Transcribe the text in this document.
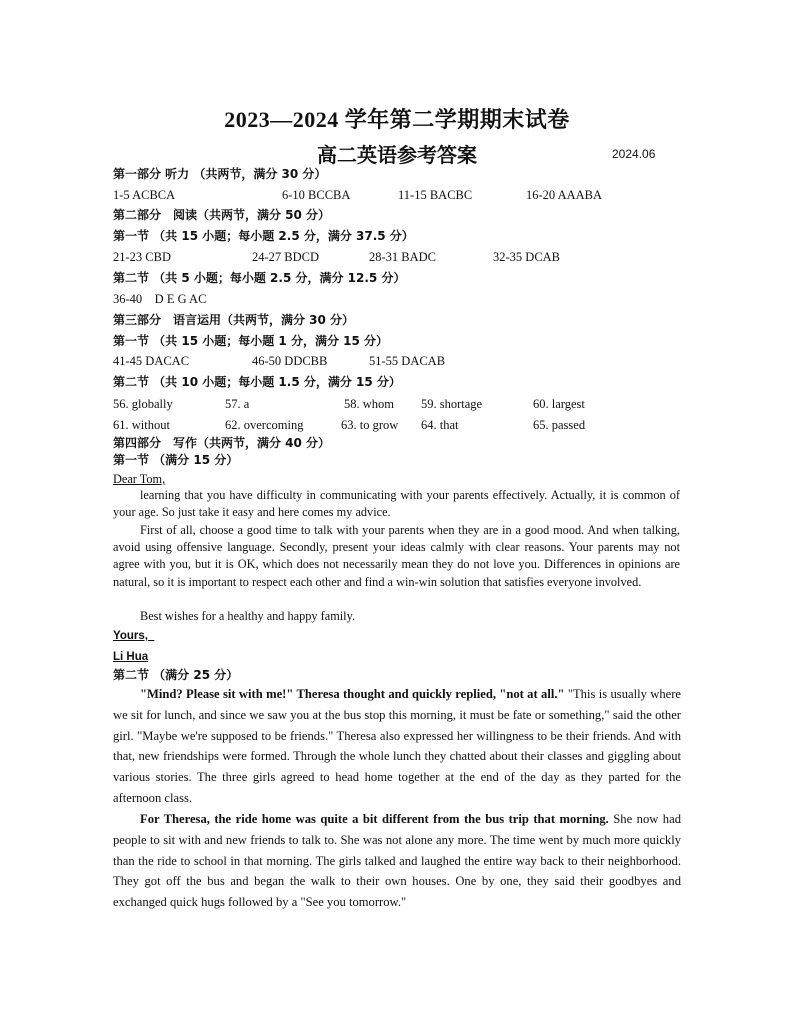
2023—2024 学年第二学期期末试卷
高二英语参考答案	2024.06
第一部分 听力 （共两节，满分 30 分）
1-5 ACBCA	6-10 BCCBA	11-15 BACBC	16-20 AAABA
第二部分　阅读（共两节，满分 50 分）
第一节 （共 15 小题；每小题 2.5 分，满分 37.5 分）
21-23 CBD	24-27 BDCD	28-31 BADC	32-35 DCAB
第二节 （共 5 小题；每小题 2.5 分，满分 12.5 分）
36-40　D E G AC
第三部分　语言运用（共两节，满分 30 分）
第一节 （共 15 小题；每小题 1 分，满分 15 分）
41-45 DACAC	46-50 DDCBB	51-55 DACAB
第二节 （共 10 小题；每小题 1.5 分，满分 15 分）
56. globally	57. a	58. whom 59. shortage	60. largest
61. without	62. overcoming	63. to grow 64. that	65. passed
第四部分　写作（共两节，满分 40 分）
第一节 （满分 15 分）
Dear Tom,

learning that you have difficulty in communicating with your parents effectively. Actually, it is common of your age. So just take it easy and here comes my advice.

First of all, choose a good time to talk with your parents when they are in a good mood. And when talking, avoid using offensive language. Secondly, present your ideas calmly with clear reasons. Your parents may not agree with you, but it is OK, which does not necessarily mean they do not love you. Differences in opinions are natural, so it is important to respect each other and find a win-win solution that satisfies everyone involved.

Best wishes for a healthy and happy family.

Yours,
Li Hua
第二节 （满分 25 分）

"Mind? Please sit with me!" Theresa thought and quickly replied, "not at all." "This is usually where we sit for lunch, and since we saw you at the bus stop this morning, it must be fate or something," said the other girl. "Maybe we're supposed to be friends." Theresa also expressed her willingness to be their friends. And with that, new friendships were formed. Through the whole lunch they chatted about their classes and giggling about various stories. The three girls agreed to head home together at the end of the day as they parted for the afternoon class.

For Theresa, the ride home was quite a bit different from the bus trip that morning. She now had people to sit with and new friends to talk to. She was not alone any more. The time went by much more quickly than the ride to school in that morning. The girls talked and laughed the entire way back to their neighborhood. They got off the bus and began the walk to their own houses. One by one, they said their goodbyes and exchanged quick hugs followed by a "See you tomorrow."
